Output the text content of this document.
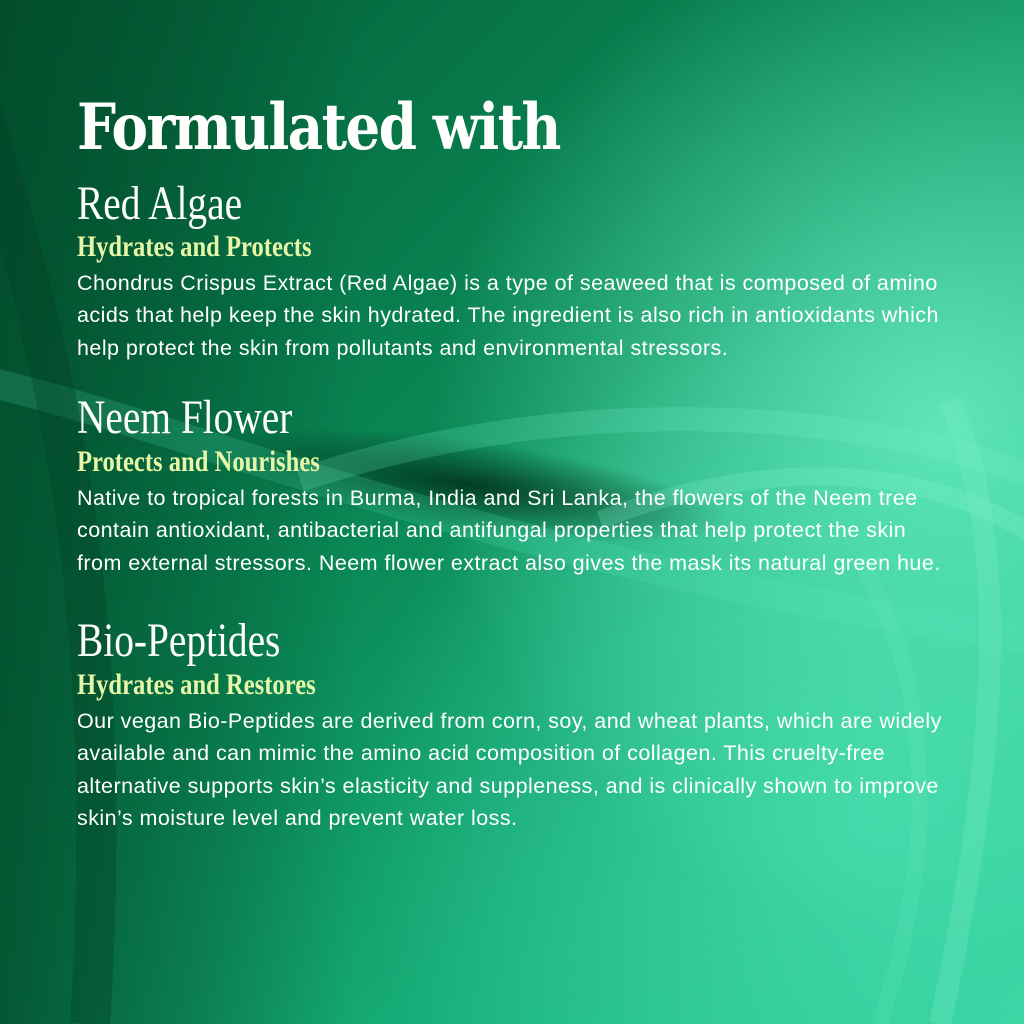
Formulated with
Red Algae
Hydrates and Protects

Chondrus Crispus Extract (Red Algae) is a type of seaweed that is composed of amino acids that help keep the skin hydrated. The ingredient is also rich in antioxidants which help protect the skin from pollutants and environmental stressors.

Neem Flower
Protects and Nourishes

Native to tropical forests in Burma, India and Sri Lanka, the flowers of the Neem tree contain antioxidant, antibacterial and antifungal properties that help protect the skin from external stressors. Neem flower extract also gives the mask its natural green hue.

Bio-Peptides
Hydrates and Restores

Our vegan Bio-Peptides are derived from corn, soy, and wheat plants, which are widely available and can mimic the amino acid composition of collagen. This cruelty-free alternative supports skin’s elasticity and suppleness, and is clinically shown to improve skin’s moisture level and prevent water loss.
